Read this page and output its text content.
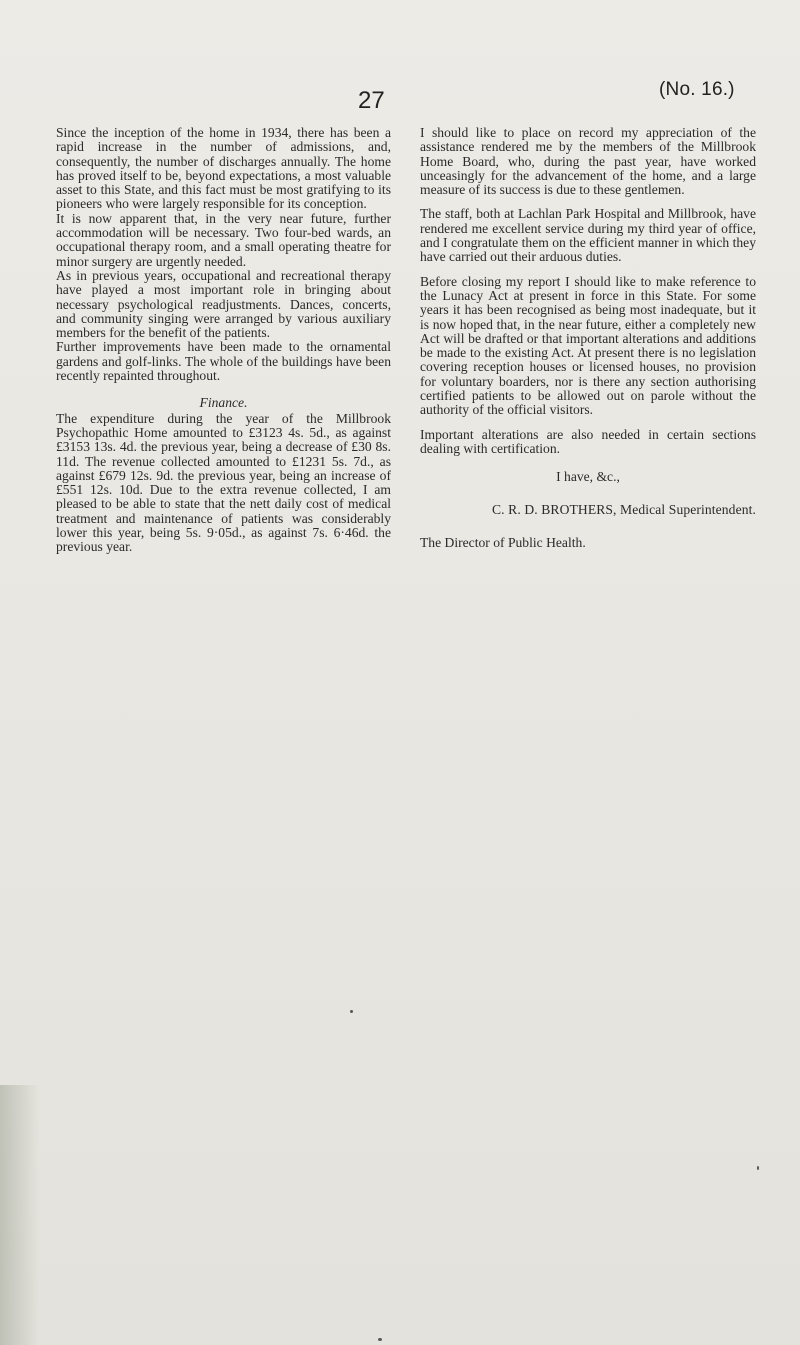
(No. 16.)
27

Since the inception of the home in 1934, there has been a rapid increase in the number of admissions, and, consequently, the number of discharges annually. The home has proved itself to be, beyond expectations, a most valuable asset to this State, and this fact must be most gratifying to its pioneers who were largely responsible for its conception.

It is now apparent that, in the very near future, further accommodation will be necessary. Two four-bed wards, an occupational therapy room, and a small operating theatre for minor surgery are urgently needed.

As in previous years, occupational and recreational therapy have played a most important role in bringing about necessary psychological readjustments. Dances, concerts, and community singing were arranged by various auxiliary members for the benefit of the patients.

Further improvements have been made to the ornamental gardens and golf-links. The whole of the buildings have been recently repainted throughout.

Finance.

The expenditure during the year of the Millbrook Psychopathic Home amounted to £3123 4s. 5d., as against £3153 13s. 4d. the previous year, being a decrease of £30 8s. 11d. The revenue collected amounted to £1231 5s. 7d., as against £679 12s. 9d. the previous year, being an increase of £551 12s. 10d. Due to the extra revenue collected, I am pleased to be able to state that the nett daily cost of medical treatment and maintenance of patients was considerably lower this year, being 5s. 9·05d., as against 7s. 6·46d. the previous year.

I should like to place on record my appreciation of the assistance rendered me by the members of the Millbrook Home Board, who, during the past year, have worked unceasingly for the advancement of the home, and a large measure of its success is due to these gentlemen.

The staff, both at Lachlan Park Hospital and Millbrook, have rendered me excellent service during my third year of office, and I congratulate them on the efficient manner in which they have carried out their arduous duties.

Before closing my report I should like to make reference to the Lunacy Act at present in force in this State. For some years it has been recognised as being most inadequate, but it is now hoped that, in the near future, either a completely new Act will be drafted or that important alterations and additions be made to the existing Act. At present there is no legislation covering reception houses or licensed houses, no provision for voluntary boarders, nor is there any section authorising certified patients to be allowed out on parole without the authority of the official visitors.

Important alterations are also needed in certain sections dealing with certification.

I have, &c.,

C. R. D. BROTHERS, Medical Superintendent.

The Director of Public Health.
